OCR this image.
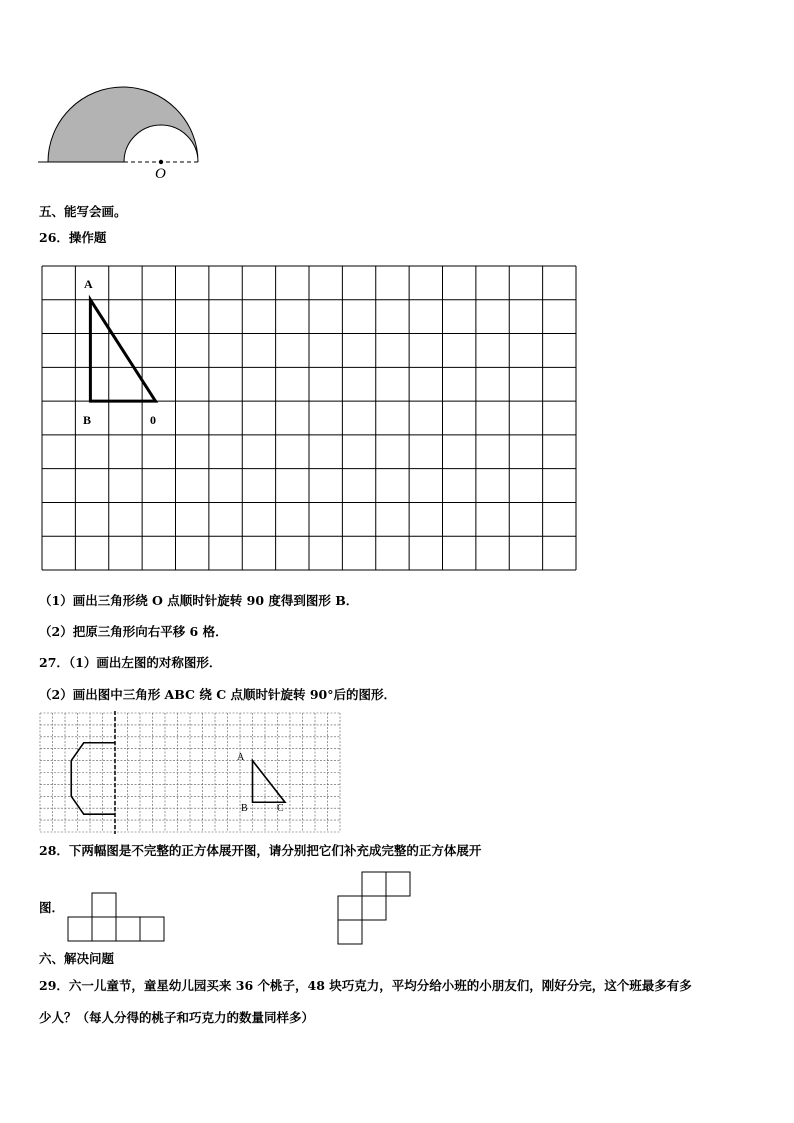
O
五、能写会画。
26．操作题
A
B	0
（1）画出三角形绕 O 点顺时针旋转 90 度得到图形 B．
（2）把原三角形向右平移 6 格．
27．（1）画出左图的对称图形．
（2）画出图中三角形 ABC 绕 C 点顺时针旋转 90°后的图形．
A
B	C
28．下两幅图是不完整的正方体展开图，请分别把它们补充成完整的正方体展开
图．
六、解决问题
29．六一儿童节，童星幼儿园买来 36 个桃子，48 块巧克力，平均分给小班的小朋友们，刚好分完，这个班最多有多
少人？（每人分得的桃子和巧克力的数量同样多）
